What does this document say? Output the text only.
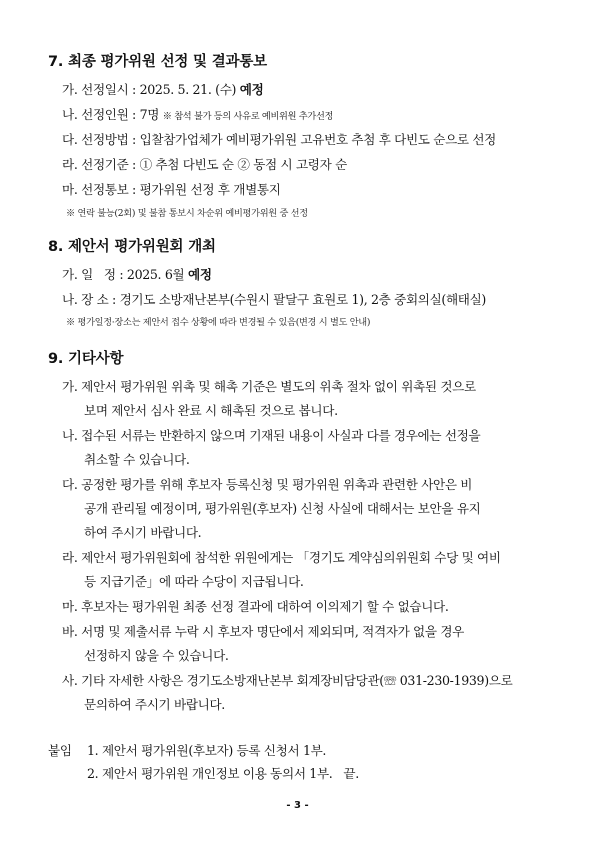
7. 최종 평가위원 선정 및 결과통보
가. 선정일시 : 2025. 5. 21. (수) 예정
나. 선정인원 : 7명 ※ 참석 불가 등의 사유로 예비위원 추가선정
다. 선정방법 : 입찰참가업체가 예비평가위원 고유번호 추첨 후 다빈도 순으로 선정
라. 선정기준 : ① 추첨 다빈도 순 ② 동점 시 고령자 순
마. 선정통보 : 평가위원 선정 후 개별통지
※ 연락 불능(2회) 및 불참 통보시 차순위 예비평가위원 중 선정
8. 제안서 평가위원회 개최
가. 일   정 : 2025. 6월 예정
나. 장 소 : 경기도 소방재난본부(수원시 팔달구 효원로 1), 2층 중회의실(해태실)
※ 평가일정·장소는 제안서 접수 상황에 따라 변경될 수 있음(변경 시 별도 안내)
9. 기타사항
가. 제안서 평가위원 위촉 및 해촉 기준은 별도의 위촉 절차 없이 위촉된 것으로
보며 제안서 심사 완료 시 해촉된 것으로 봅니다.
나. 접수된 서류는 반환하지 않으며 기재된 내용이 사실과 다를 경우에는 선정을
취소할 수 있습니다.
다. 공정한 평가를 위해 후보자 등록신청 및 평가위원 위촉과 관련한 사안은 비
공개 관리될 예정이며, 평가위원(후보자) 신청 사실에 대해서는 보안을 유지
하여 주시기 바랍니다.
라. 제안서 평가위원회에 참석한 위원에게는 「경기도 계약심의위원회 수당 및 여비
등 지급기준」에 따라 수당이 지급됩니다.
마. 후보자는 평가위원 최종 선정 결과에 대하여 이의제기 할 수 없습니다.
바. 서명 및 제출서류 누락 시 후보자 명단에서 제외되며, 적격자가 없을 경우
선정하지 않을 수 있습니다.
사. 기타 자세한 사항은 경기도소방재난본부 회계장비담당관(☏ 031-230-1939)으로
문의하여 주시기 바랍니다.
붙임 1. 제안서 평가위원(후보자) 등록 신청서 1부.
2. 제안서 평가위원 개인정보 이용 동의서 1부.   끝.
- 3 -
